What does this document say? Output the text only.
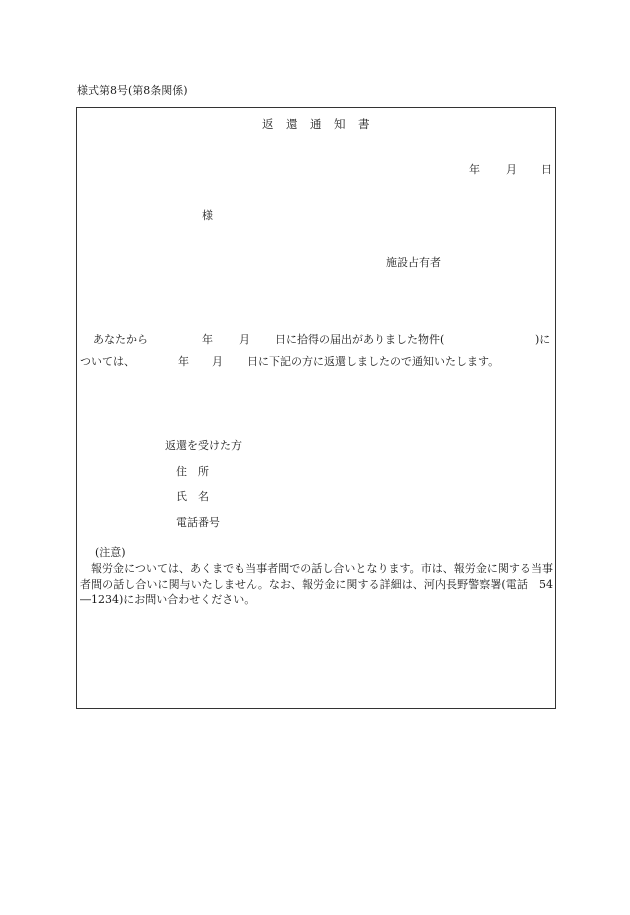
様式第8号(第8条関係)
返 還 通 知 書
年 月 日
様
施設占有者
あなたから	年 月 日に拾得の届出がありました物件(	)に
ついては、	年 月 日に下記の方に返還しましたので通知いたします。
返還を受けた方
住　所
氏　名
電話番号
(注意)
報労金については、あくまでも当事者間での話し合いとなります。市は、報労金に関する当事者間の話し合いに関与いたしません。なお、報労金に関する詳細は、河内長野警察署(電話　54―1234)にお問い合わせください。
